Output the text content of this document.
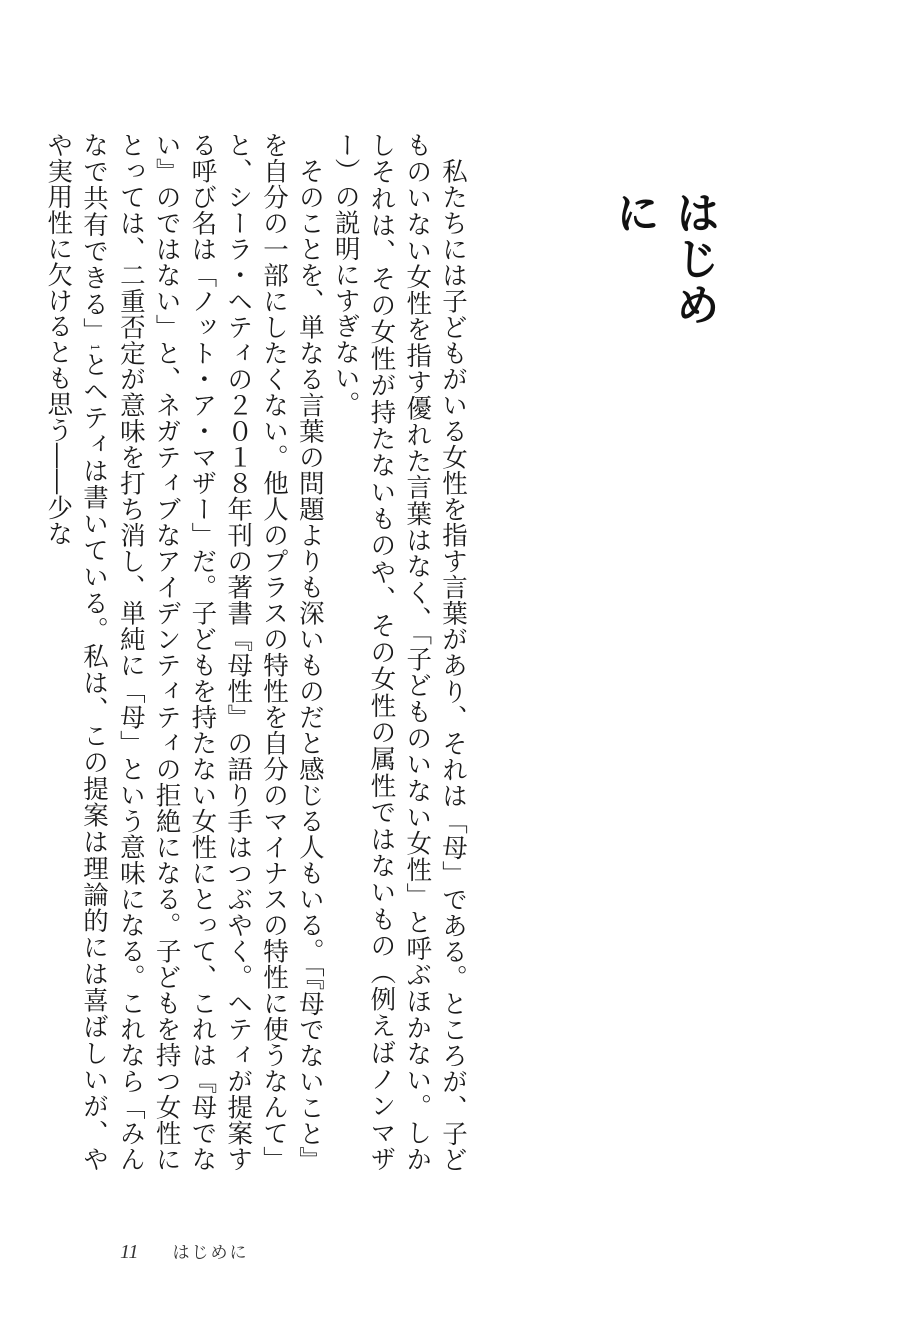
はじめに

私たちには子どもがいる女性を指す言葉があり、それは「母」である。ところが、子どものいない女性を指す優れた言葉はなく、「子どものいない女性」と呼ぶほかない。しかしそれは、その女性が持たないものや、その女性の属性ではないもの（例えばノンマザー）の説明にすぎない。

そのことを、単なる言葉の問題よりも深いものだと感じる人もいる。「『母でないこと』を自分の一部にしたくない。他人のプラスの特性を自分のマイナスの特性に使うなんて」と、シーラ・ヘティの２０１８年刊の著書『母性』の語り手はつぶやく。ヘティが提案する呼び名は「ノット・ア・マザー」だ。子どもを持たない女性にとって、これは『母でない』のではない」と、ネガティブなアイデンティティの拒絶になる。子どもを持つ女性にとっては、二重否定が意味を打ち消し、単純に「母」という意味になる。これなら「みんなで共有できる」1とヘティは書いている。私は、この提案は理論的には喜ばしいが、やや実用性に欠けるとも思う――少な

11 はじめに
